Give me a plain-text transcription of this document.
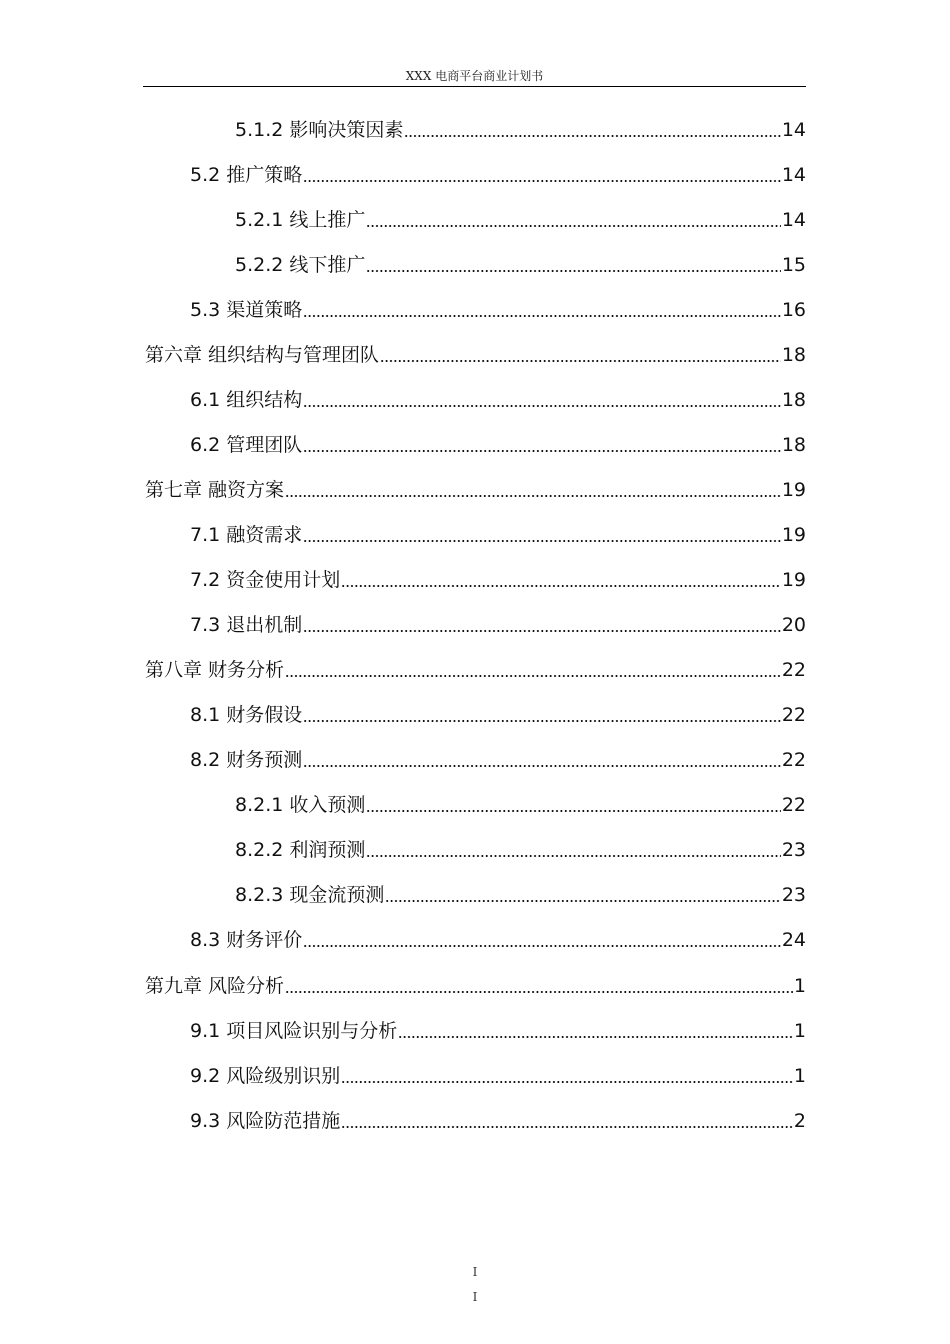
XXX 电商平台商业计划书
5.1.2 影响决策因素	14
5.2 推广策略	14
5.2.1 线上推广	14
5.2.2 线下推广	15
5.3 渠道策略	16
第六章 组织结构与管理团队	18
6.1 组织结构	18
6.2 管理团队	18
第七章 融资方案	19
7.1 融资需求	19
7.2 资金使用计划	19
7.3 退出机制	20
第八章 财务分析	22
8.1 财务假设	22
8.2 财务预测	22
8.2.1 收入预测	22
8.2.2 利润预测	23
8.2.3 现金流预测	23
8.3 财务评价	24
第九章 风险分析	1
9.1 项目风险识别与分析	1
9.2 风险级别识别	1
9.3 风险防范措施	2
I
I
